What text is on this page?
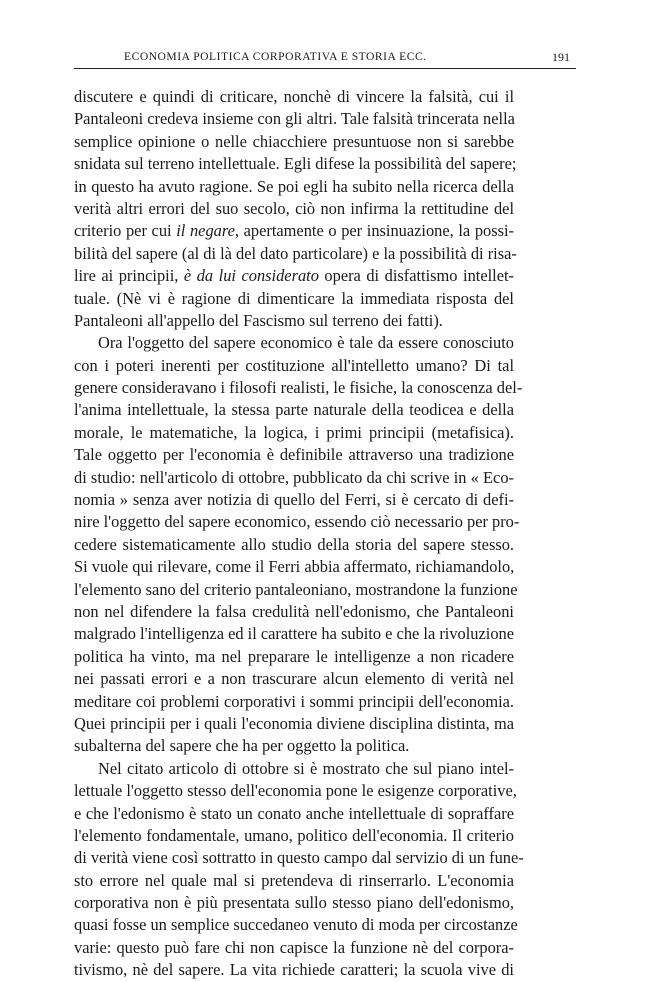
ECONOMIA POLITICA CORPORATIVA E STORIA ECC.	191
discutere e quindi di criticare, nonchè di vincere la falsità, cui il
Pantaleoni credeva insieme con gli altri. Tale falsità trincerata nella
semplice opinione o nelle chiacchiere presuntuose non si sarebbe
snidata sul terreno intellettuale. Egli difese la possibilità del sapere;
in questo ha avuto ragione. Se poi egli ha subito nella ricerca della
verità altri errori del suo secolo, ciò non infirma la rettitudine del
criterio per cui il negare, apertamente o per insinuazione, la possi-
bilità del sapere (al di là del dato particolare) e la possibilità di risa-
lire ai principii, è da lui considerato opera di disfattismo intellet-
tuale. (Nè vi è ragione di dimenticare la immediata risposta del
Pantaleoni all'appello del Fascismo sul terreno dei fatti).
Ora l'oggetto del sapere economico è tale da essere conosciuto
con i poteri inerenti per costituzione all'intelletto umano? Di tal
genere consideravano i filosofi realisti, le fisiche, la conoscenza del-
l'anima intellettuale, la stessa parte naturale della teodicea e della
morale, le matematiche, la logica, i primi principii (metafisica).
Tale oggetto per l'economia è definibile attraverso una tradizione
di studio: nell'articolo di ottobre, pubblicato da chi scrive in « Eco-
nomia » senza aver notizia di quello del Ferri, si è cercato di defi-
nire l'oggetto del sapere economico, essendo ciò necessario per pro-
cedere sistematicamente allo studio della storia del sapere stesso.
Si vuole qui rilevare, come il Ferri abbia affermato, richiamandolo,
l'elemento sano del criterio pantaleoniano, mostrandone la funzione
non nel difendere la falsa credulità nell'edonismo, che Pantaleoni
malgrado l'intelligenza ed il carattere ha subito e che la rivoluzione
politica ha vinto, ma nel preparare le intelligenze a non ricadere
nei passati errori e a non trascurare alcun elemento di verità nel
meditare coi problemi corporativi i sommi principii dell'economia.
Quei principii per i quali l'economia diviene disciplina distinta, ma
subalterna del sapere che ha per oggetto la politica.
Nel citato articolo di ottobre si è mostrato che sul piano intel-
lettuale l'oggetto stesso dell'economia pone le esigenze corporative,
e che l'edonismo è stato un conato anche intellettuale di sopraffare
l'elemento fondamentale, umano, politico dell'economia. Il criterio
di verità viene così sottratto in questo campo dal servizio di un fune-
sto errore nel quale mal si pretendeva di rinserrarlo. L'economia
corporativa non è più presentata sullo stesso piano dell'edonismo,
quasi fosse un semplice succedaneo venuto di moda per circostanze
varie: questo può fare chi non capisce la funzione nè del corpora-
tivismo, nè del sapere. La vita richiede caratteri; la scuola vive di
